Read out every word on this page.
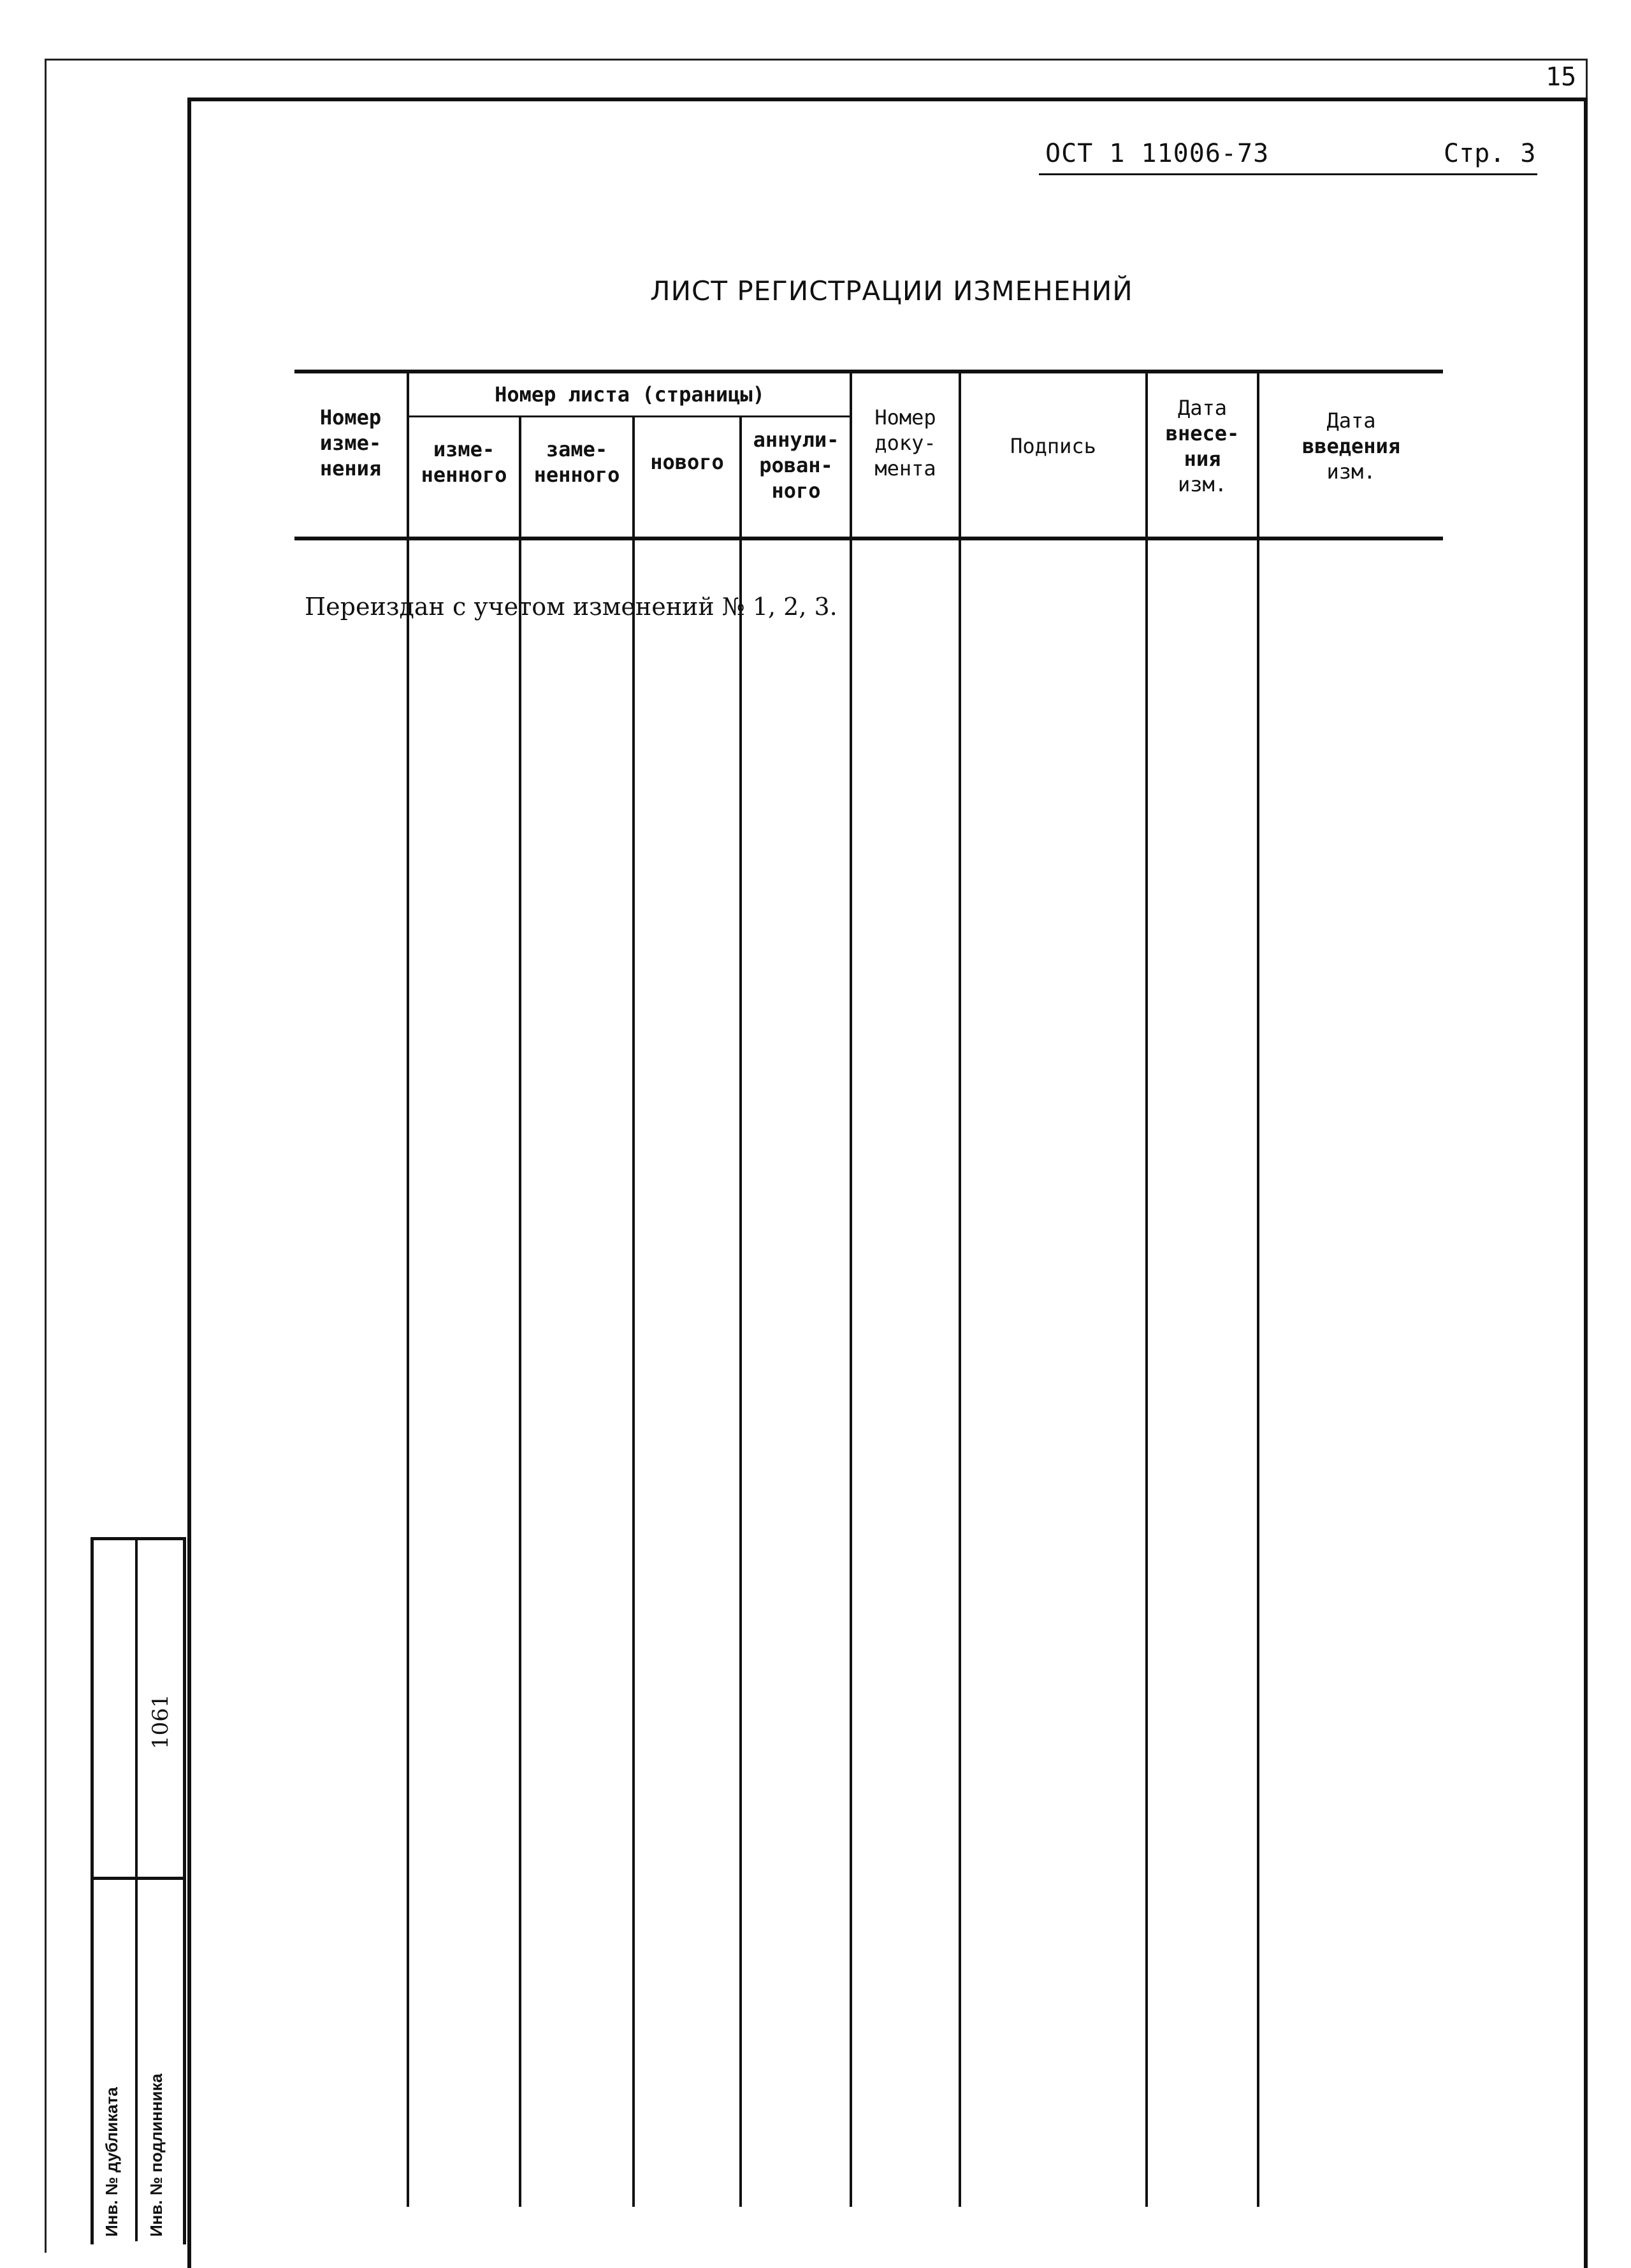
15
ОСТ 1 11006-73	Стр. 3
ЛИСТ РЕГИСТРАЦИИ ИЗМЕНЕНИЙ
Номер
изме-
нения
Номер листа (страницы)
изме-
ненного
заме-
ненного
нового
аннули-
рован-
ного
Номер
доку-
мента
Подпись
Дата
внесе-
ния
изм.
Дата
введения
изм.
Переиздан с учетом изменений № 1, 2, 3.
Инв. № дубликата Инв. № подлинника
1061
